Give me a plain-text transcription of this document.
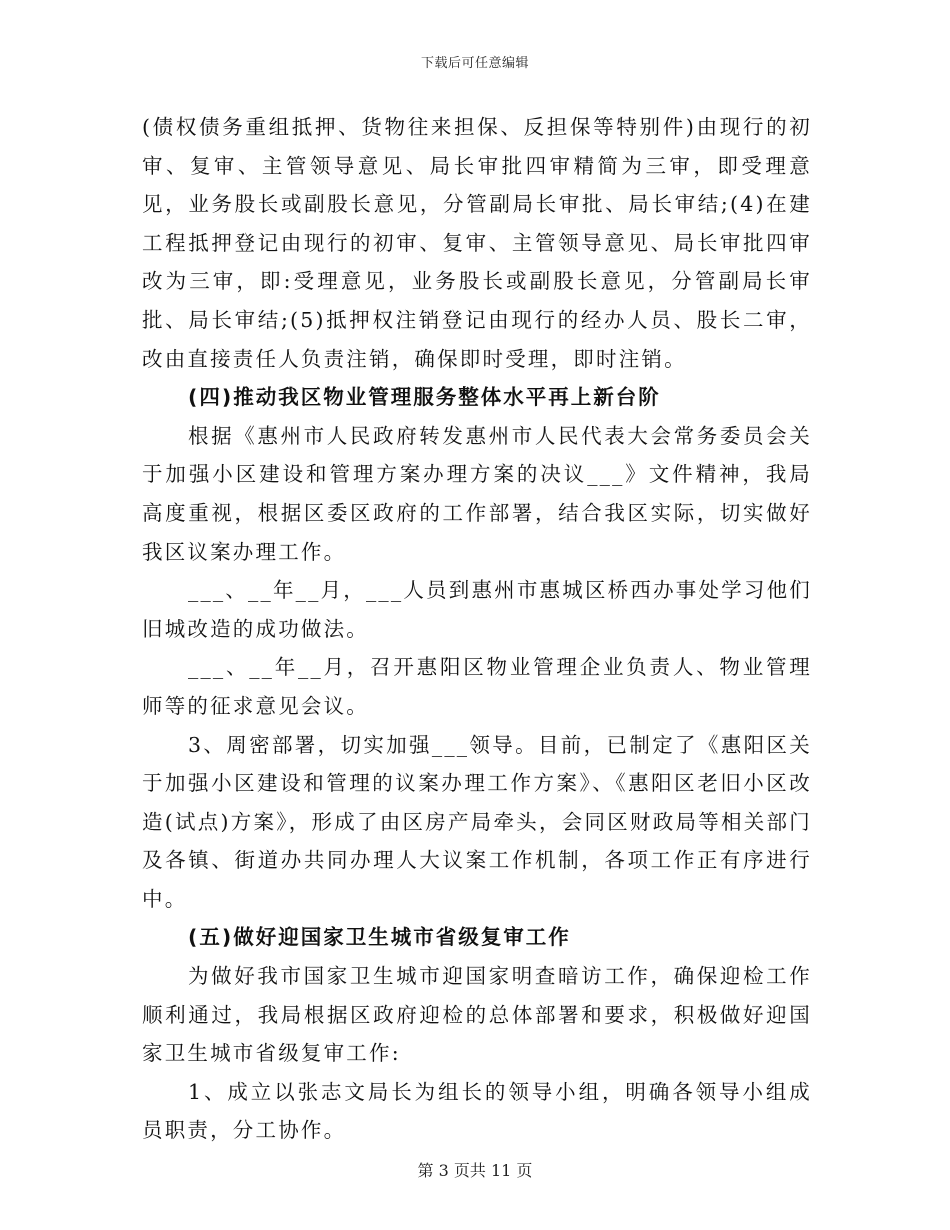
下载后可任意编辑

(债权债务重组抵押、货物往来担保、反担保等特别件)由现行的初审、复审、主管领导意见、局长审批四审精简为三审，即受理意见，业务股长或副股长意见，分管副局长审批、局长审结;(4)在建工程抵押登记由现行的初审、复审、主管领导意见、局长审批四审改为三审，即:受理意见，业务股长或副股长意见，分管副局长审批、局长审结;(5)抵押权注销登记由现行的经办人员、股长二审，改由直接责任人负责注销，确保即时受理，即时注销。

(四)推动我区物业管理服务整体水平再上新台阶

根据《惠州市人民政府转发惠州市人民代表大会常务委员会关于加强小区建设和管理方案办理方案的决议___》文件精神，我局高度重视，根据区委区政府的工作部署，结合我区实际，切实做好我区议案办理工作。

___、__年__月，___人员到惠州市惠城区桥西办事处学习他们旧城改造的成功做法。

___、__年__月，召开惠阳区物业管理企业负责人、物业管理师等的征求意见会议。

3、周密部署，切实加强___领导。目前，已制定了《惠阳区关于加强小区建设和管理的议案办理工作方案》、《惠阳区老旧小区改造(试点)方案》，形成了由区房产局牵头，会同区财政局等相关部门及各镇、街道办共同办理人大议案工作机制，各项工作正有序进行中。

(五)做好迎国家卫生城市省级复审工作

为做好我市国家卫生城市迎国家明查暗访工作，确保迎检工作顺利通过，我局根据区政府迎检的总体部署和要求，积极做好迎国家卫生城市省级复审工作:

1、成立以张志文局长为组长的领导小组，明确各领导小组成员职责，分工协作。

第 3 页共 11 页
